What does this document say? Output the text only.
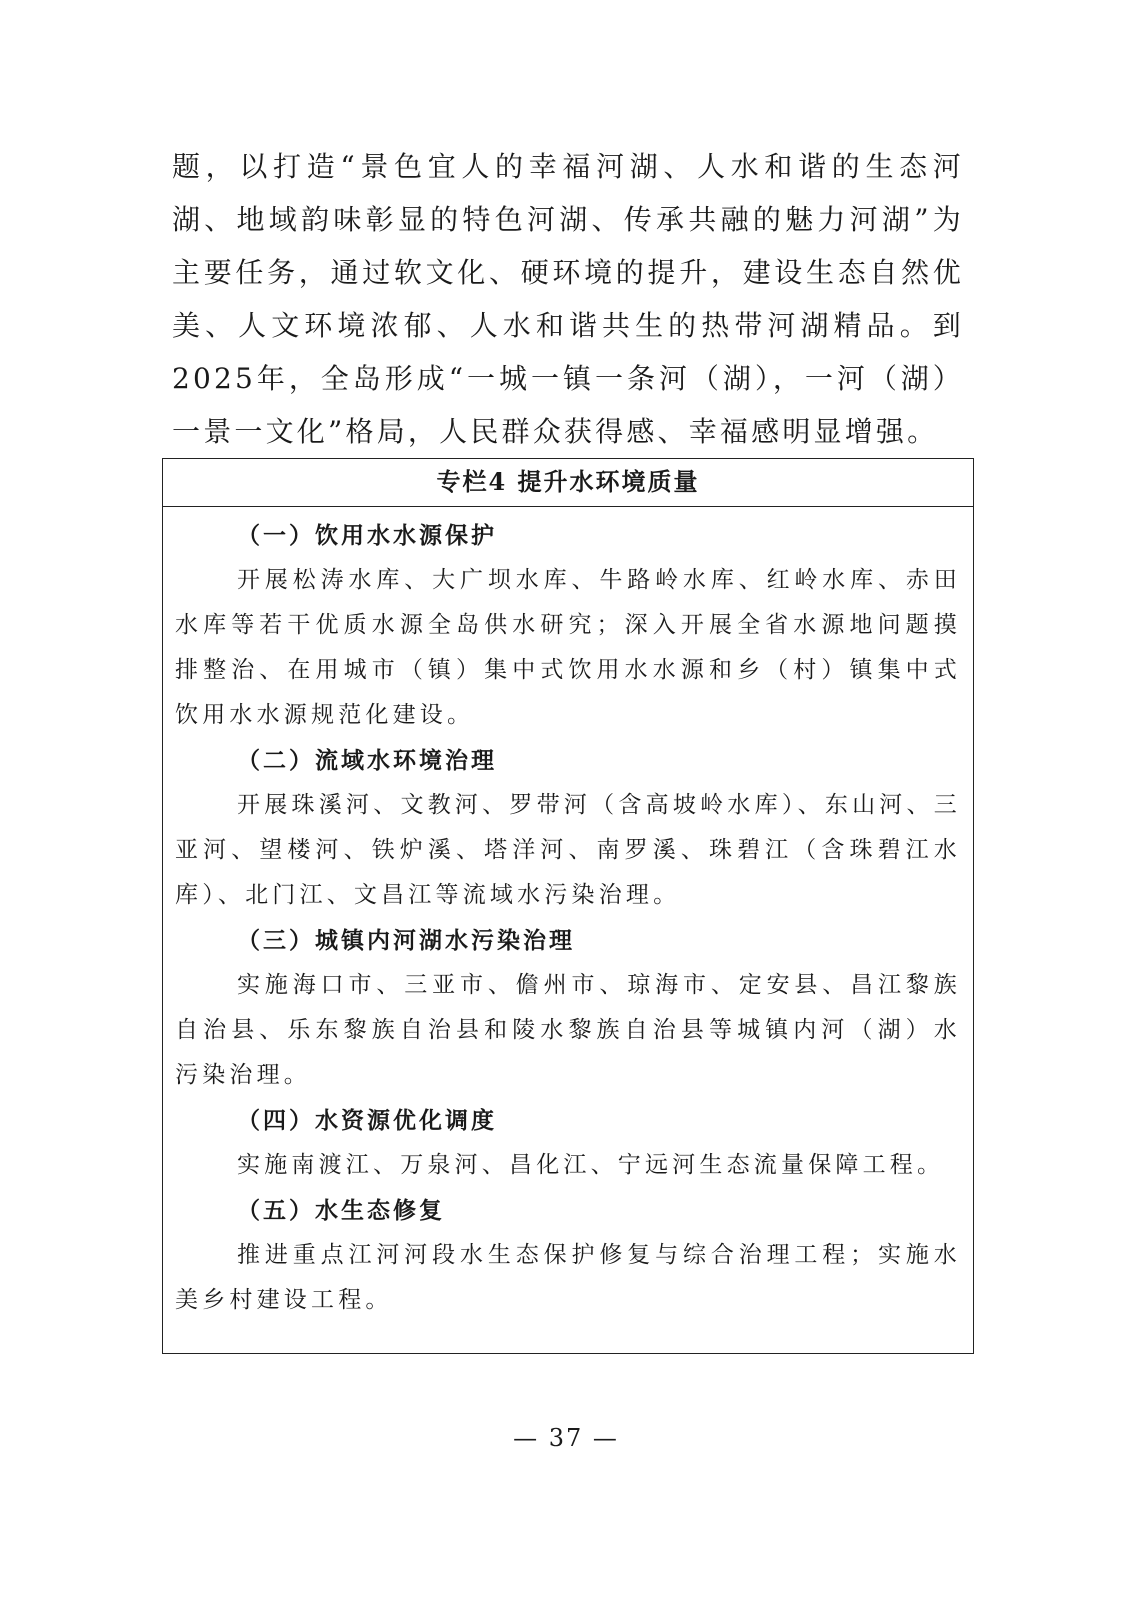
题，以打造“景色宜人的幸福河湖、人水和谐的生态河湖、地域韵味彰显的特色河湖、传承共融的魅力河湖”为主要任务，通过软文化、硬环境的提升，建设生态自然优美、人文环境浓郁、人水和谐共生的热带河湖精品。到2025年，全岛形成“一城一镇一条河（湖），一河（湖）一景一文化”格局，人民群众获得感、幸福感明显增强。

专栏4 提升水环境质量

（一）饮用水水源保护

开展松涛水库、大广坝水库、牛路岭水库、红岭水库、赤田水库等若干优质水源全岛供水研究；深入开展全省水源地问题摸排整治、在用城市（镇）集中式饮用水水源和乡（村）镇集中式饮用水水源规范化建设。

（二）流域水环境治理

开展珠溪河、文教河、罗带河（含高坡岭水库）、东山河、三亚河、望楼河、铁炉溪、塔洋河、南罗溪、珠碧江（含珠碧江水库）、北门江、文昌江等流域水污染治理。

（三）城镇内河湖水污染治理

实施海口市、三亚市、儋州市、琼海市、定安县、昌江黎族自治县、乐东黎族自治县和陵水黎族自治县等城镇内河（湖）水污染治理。

（四）水资源优化调度

实施南渡江、万泉河、昌化江、宁远河生态流量保障工程。

（五）水生态修复

推进重点江河河段水生态保护修复与综合治理工程；实施水美乡村建设工程。

— 37 —
